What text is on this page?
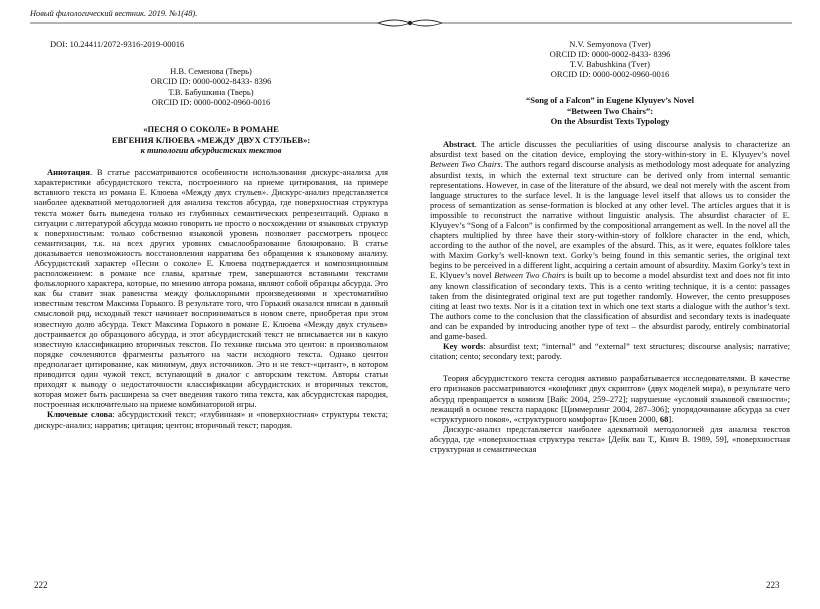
Новый филологический вестник. 2019. №1(48).
DOI: 10.24411/2072-9316-2019-00016
Н.В. Семенова (Тверь)
ORCID ID: 0000-0002-8433- 8396
Т.В. Бабушкина (Тверь)
ORCID ID: 0000-0002-0960-0016
«ПЕСНЯ О СОКОЛЕ» В РОМАНЕ
ЕВГЕНИЯ КЛЮЕВА «МЕЖДУ ДВУХ СТУЛЬЕВ»:
к типологии абсурдистских текстов

Аннотация. В статье рассматриваются особенности использования дискурс-анализа для характеристики абсурдистского текста, построенного на приеме цитирования, на примере вставного текста из романа Е. Клюева «Между двух стульев». Дискурс-анализ представляется наиболее адекватной методологией для анализа текстов абсурда, где поверхностная структура текста может быть выведена только из глубинных семантических репрезентаций. Однако в ситуации с литературой абсурда можно говорить не просто о восхождении от языковых структур к поверхностным: только собственно языковой уровень позволяет рассмотреть процесс семантизации, т.к. на всех других уровнях смыслообразование блокировано. В статье доказывается невозможность восстановления нарратива без обращения к языковому анализу. Абсурдистский характер «Песни о соколе» Е. Клюева подтверждается и композиционным расположением: в романе все главы, кратные трем, завершаются вставными текстами фольклорного характера, которые, по мнению автора романа, являют собой образцы абсурда. Это как бы ставит знак равенства между фольклорными произведениями и хрестоматийно известным текстом Максима Горького. В результате того, что Горький оказался вписан в данный смысловой ряд, исходный текст начинает восприниматься в новом свете, приобретая при этом известную долю абсурда. Текст Максима Горького в романе Е. Клюева «Между двух стульев» достраивается до образцового абсурда, и этот абсурдистский текст не вписывается ни в какую известную классификацию вторичных текстов. По технике письма это центон: в произвольном порядке сочленяются фрагменты разъятого на части исходного текста. Однако центон предполагает цитирование, как минимум, двух источников. Это и не текст-«цитант», в котором приводится один чужой текст, вступающий в диалог с авторским текстом. Авторы статьи приходят к выводу о недостаточности классификации абсурдистских и вторичных текстов, которая может быть расширена за счет введения такого типа текста, как абсурдистская пародия, построенная исключительно на приеме комбинаторной игры.

Ключевые слова: абсурдистский текст; «глубинная» и «поверхностная» структуры текста; дискурс-анализ; нарратив; цитация; центон; вторичный текст; пародия.

N.V. Semyonova (Tver)
ORCID ID: 0000-0002-8433- 8396
T.V. Babushkina (Tver)
ORCID ID: 0000-0002-0960-0016
“Song of a Falcon” in Eugene Klyuyev’s Novel
“Between Two Chairs”:
On the Absurdist Texts Typology

Abstract. The article discusses the peculiarities of using discourse analysis to characterize an absurdist text based on the citation device, employing the story-within-story in E. Klyuyev’s novel Between Two Chairs. The authors regard discourse analysis as methodology most adequate for analyzing absurdist texts, in which the external text structure can be derived only from internal semantic representations. However, in case of the literature of the absurd, we deal not merely with the ascent from language structures to the surface level. It is the language level itself that allows us to consider the process of semantization as sense-formation is blocked at any other level. The articles argues that it is impossible to reconstruct the narrative without linguistic analysis. The absurdist character of E. Klyuyev’s “Song of a Falcon” is confirmed by the compositional arrangement as well. In the novel all the chapters multiplied by three have their story-within-story of folklore character in the end, which, according to the author of the novel, are examples of the absurd. This, as it were, equates folklore tales with Maxim Gorky’s well-known text. Gorky’s being found in this semantic series, the original text begins to be perceived in a different light, acquiring a certain amount of absurdity. Maxim Gorky’s text in E. Klyuev’s novel Between Two Chairs is built up to become a model absurdist text and does not fit into any known classification of secondary texts. This is a cento writing technique, it is a cento: passages taken from the disintegrated original text are put together randomly. However, the cento presupposes citing at least two texts. Nor is it a citation text in which one text starts a dialogue with the author’s text. The authors come to the conclusion that the classification of absurdist and secondary texts is inadequate and can be expanded by introducing another type of text – the absurdist parody, entirely combinatorial and game-based.

Key words: absurdist text; “internal” and “external” text structures; discourse analysis; narrative; citation; cento; secondary text; parody.

Теория абсурдистского текста сегодня активно разрабатывается исследователями. В качестве его признаков рассматриваются «конфликт двух скриптов» (двух моделей мира), в результате чего абсурд превращается в комизм [Вайс 2004, 259–272]; нарушение «условий языковой связности»; лежащий в основе текста парадокс [Циммерлинг 2004, 287–306]; упорядочивание абсурда за счет «структурного покоя», «структурного комфорта» [Клюев 2000, 68].

Дискурс-анализ представляется наиболее адекватной методологией для анализа текстов абсурда, где «поверхностная структура текста» [Дейк ван Т., Кинч В. 1989, 59], «поверхностная структурная и семантическая

222	223
